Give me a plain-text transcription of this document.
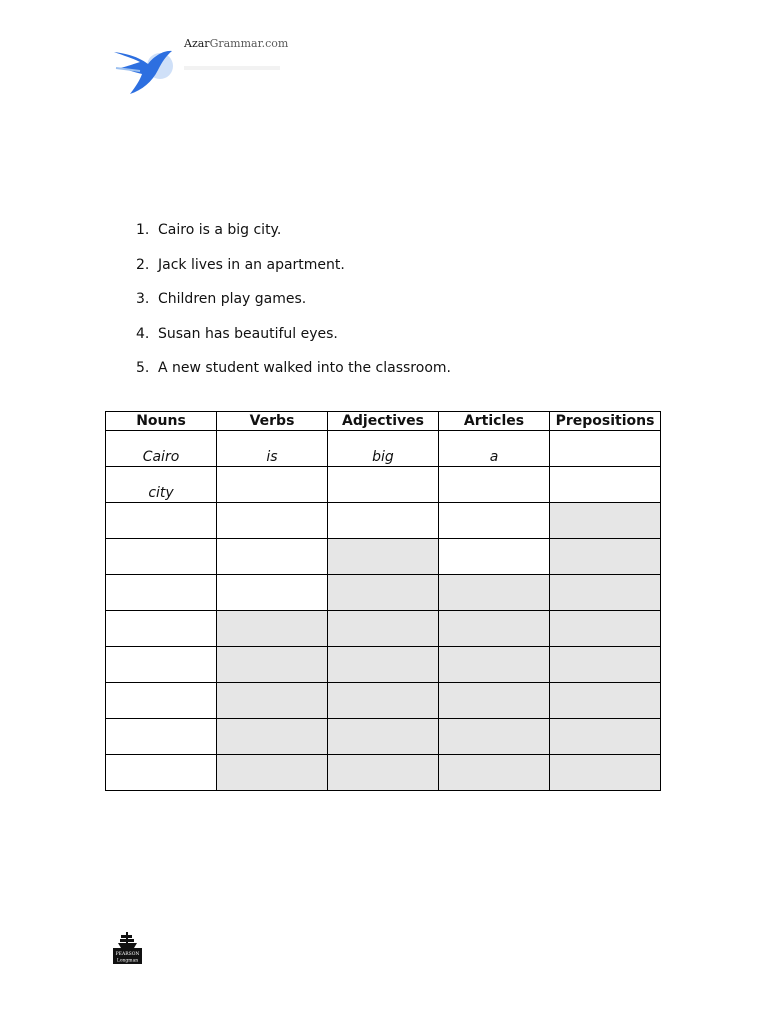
AzarGrammar.com
1. Cairo is a big city.
2. Jack lives in an apartment.
3. Children play games.
4. Susan has beautiful eyes.
5. A new student walked into the classroom.
Nouns	Verbs	Adjectives	Articles	Prepositions
Cairo	is	big	a	
city				

PEARSON
Longman
